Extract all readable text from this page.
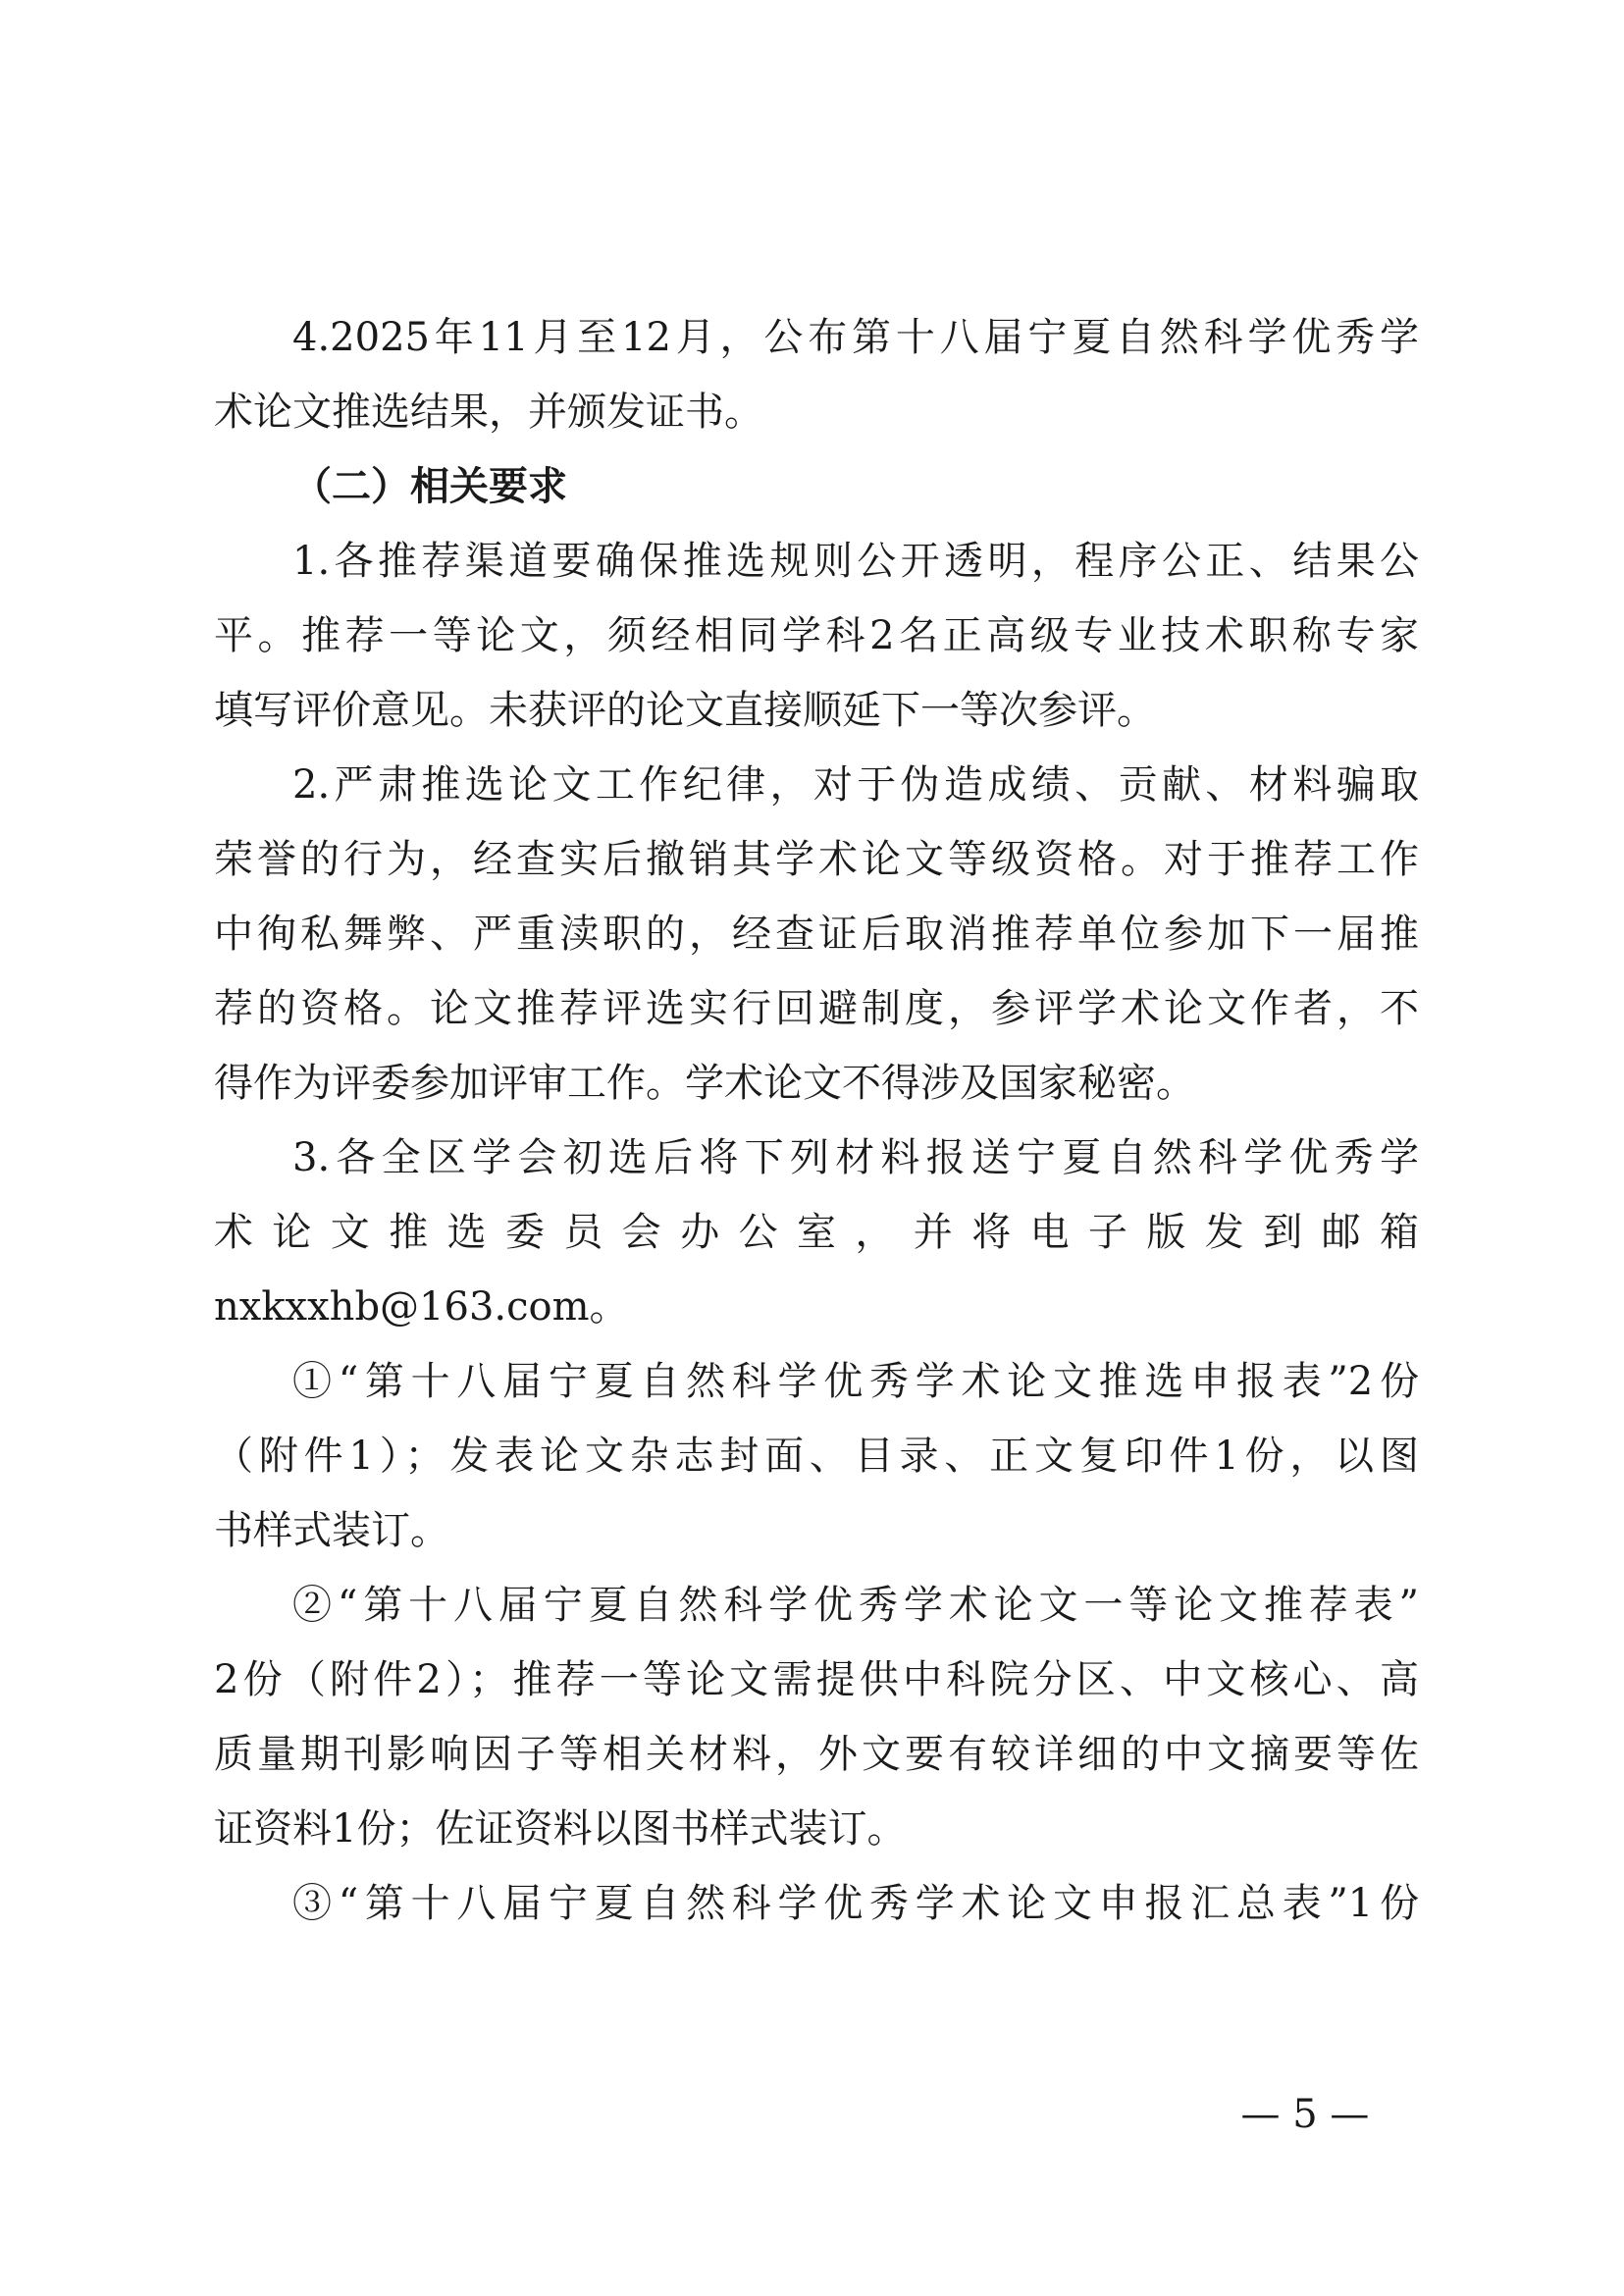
4.2025年11月至12月，公布第十八届宁夏自然科学优秀学
术论文推选结果，并颁发证书。
（二）相关要求
1.各推荐渠道要确保推选规则公开透明，程序公正、结果公
平。推荐一等论文，须经相同学科2名正高级专业技术职称专家
填写评价意见。未获评的论文直接顺延下一等次参评。
2.严肃推选论文工作纪律，对于伪造成绩、贡献、材料骗取
荣誉的行为，经查实后撤销其学术论文等级资格。对于推荐工作
中徇私舞弊、严重渎职的，经查证后取消推荐单位参加下一届推
荐的资格。论文推荐评选实行回避制度，参评学术论文作者，不
得作为评委参加评审工作。学术论文不得涉及国家秘密。
3.各全区学会初选后将下列材料报送宁夏自然科学优秀学
术论文推选委员会办公室，并将电子版发到邮箱
nxkxxhb@163.com。
①“第十八届宁夏自然科学优秀学术论文推选申报表”2份
（附件1）；发表论文杂志封面、目录、正文复印件1份，以图
书样式装订。
②“第十八届宁夏自然科学优秀学术论文一等论文推荐表”
2份（附件2）；推荐一等论文需提供中科院分区、中文核心、高
质量期刊影响因子等相关材料，外文要有较详细的中文摘要等佐
证资料1份；佐证资料以图书样式装订。
③“第十八届宁夏自然科学优秀学术论文申报汇总表”1份
— 5 —
